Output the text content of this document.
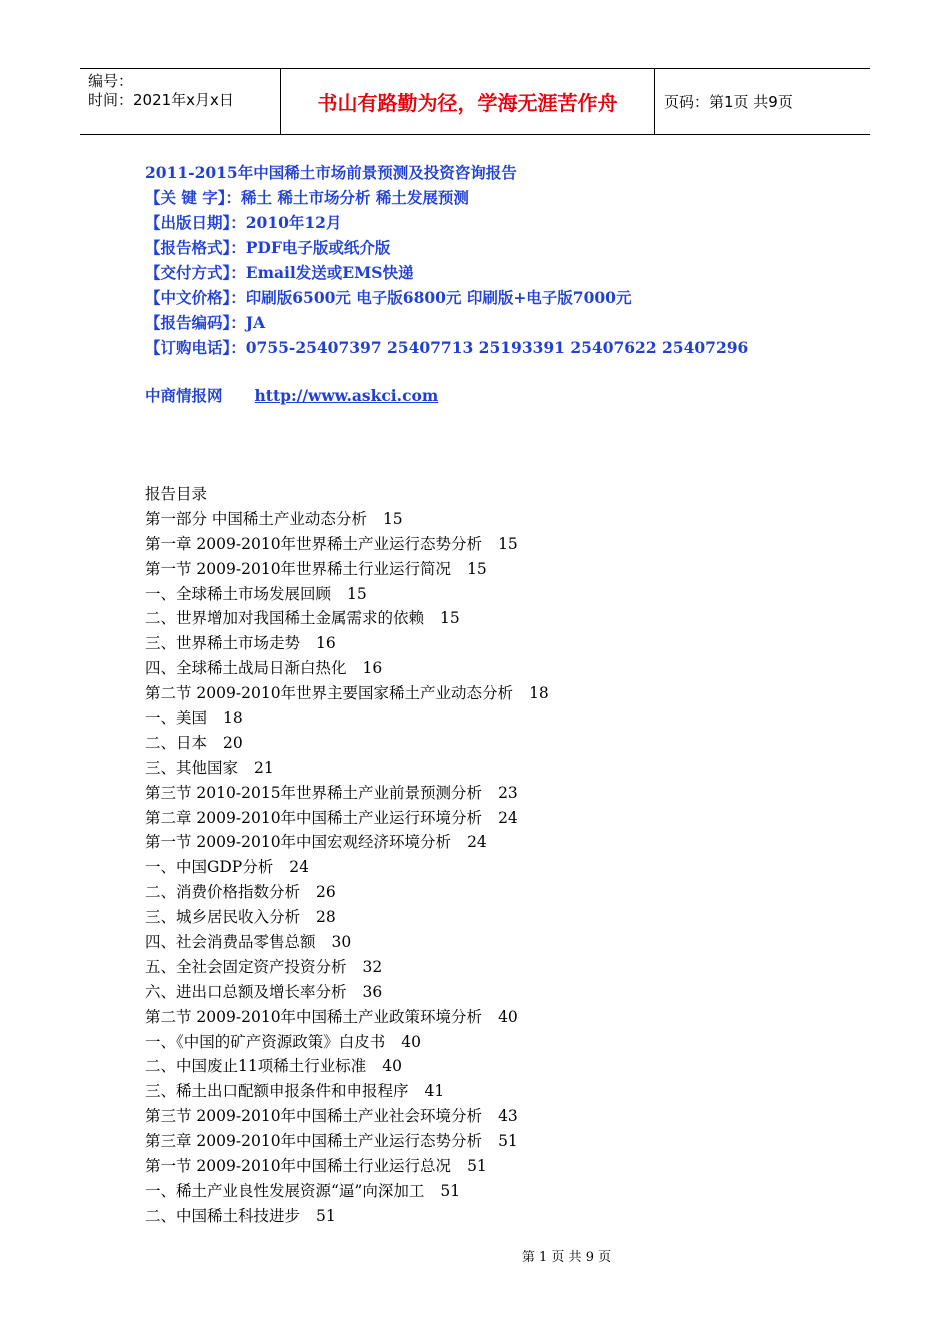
编号：
时间：2021年x月x日	书山有路勤为径，学海无涯苦作舟	页码：第1页 共9页
2011-2015年中国稀土市场前景预测及投资咨询报告
【关 键 字】：稀土 稀土市场分析 稀土发展预测
【出版日期】：2010年12月
【报告格式】：PDF电子版或纸介版
【交付方式】：Email发送或EMS快递
【中文价格】：印刷版6500元 电子版6800元 印刷版+电子版7000元
【报告编码】：JA
【订购电话】：0755-25407397 25407713 25193391 25407622 25407296
中商情报网 http://www.askci.com
报告目录
第一部分 中国稀土产业动态分析 15
第一章 2009-2010年世界稀土产业运行态势分析 15
第一节 2009-2010年世界稀土行业运行简况 15
一、全球稀土市场发展回顾 15
二、世界增加对我国稀土金属需求的依赖 15
三、世界稀土市场走势 16
四、全球稀土战局日渐白热化 16
第二节 2009-2010年世界主要国家稀土产业动态分析 18
一、美国 18
二、日本 20
三、其他国家 21
第三节 2010-2015年世界稀土产业前景预测分析 23
第二章 2009-2010年中国稀土产业运行环境分析 24
第一节 2009-2010年中国宏观经济环境分析 24
一、中国GDP分析 24
二、消费价格指数分析 26
三、城乡居民收入分析 28
四、社会消费品零售总额 30
五、全社会固定资产投资分析 32
六、进出口总额及增长率分析 36
第二节 2009-2010年中国稀土产业政策环境分析 40
一、《中国的矿产资源政策》白皮书 40
二、中国废止11项稀土行业标准 40
三、稀土出口配额申报条件和申报程序 41
第三节 2009-2010年中国稀土产业社会环境分析 43
第三章 2009-2010年中国稀土产业运行态势分析 51
第一节 2009-2010年中国稀土行业运行总况 51
一、稀土产业良性发展资源“逼”向深加工 51
二、中国稀土科技进步 51
第 1 页 共 9 页
